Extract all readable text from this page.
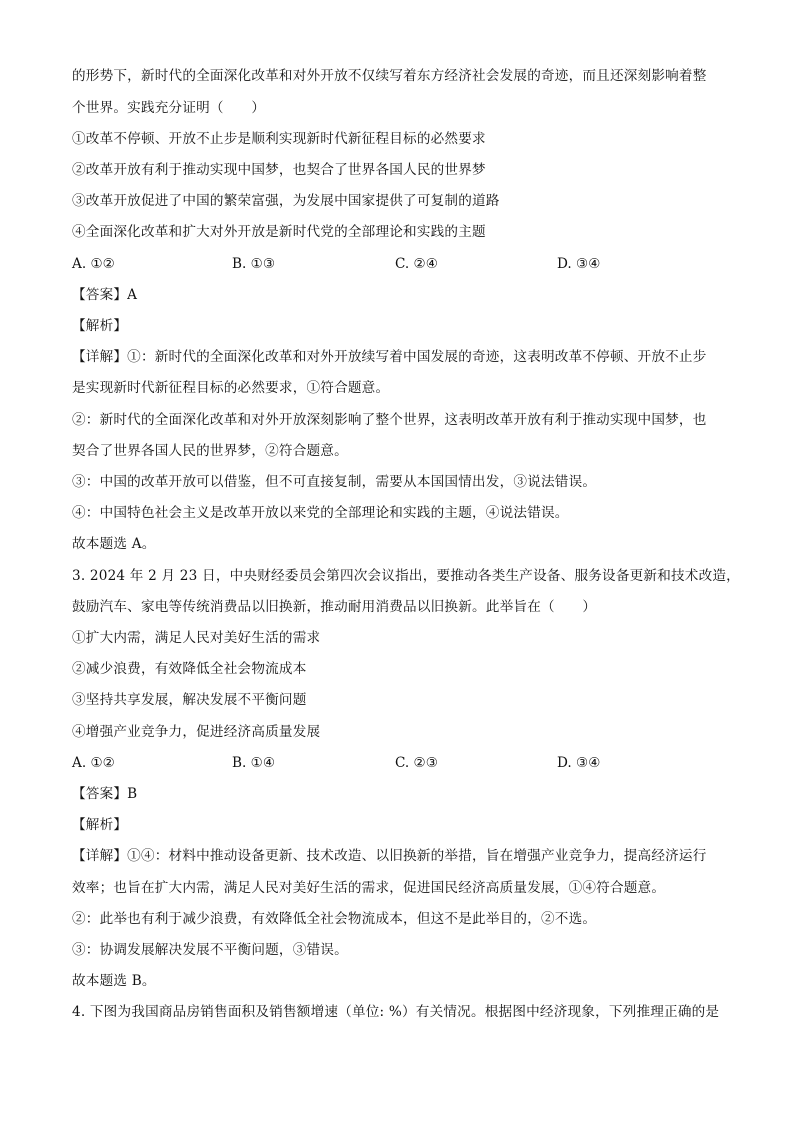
的形势下，新时代的全面深化改革和对外开放不仅续写着东方经济社会发展的奇迹，而且还深刻影响着整
个世界。实践充分证明（　　）
①改革不停顿、开放不止步是顺利实现新时代新征程目标的必然要求
②改革开放有利于推动实现中国梦，也契合了世界各国人民的世界梦
③改革开放促进了中国的繁荣富强，为发展中国家提供了可复制的道路
④全面深化改革和扩大对外开放是新时代党的全部理论和实践的主题
A. ①②	B. ①③	C. ②④	D. ③④
【答案】A
【解析】
【详解】①：新时代的全面深化改革和对外开放续写着中国发展的奇迹，这表明改革不停顿、开放不止步
是实现新时代新征程目标的必然要求，①符合题意。
②：新时代的全面深化改革和对外开放深刻影响了整个世界，这表明改革开放有利于推动实现中国梦，也
契合了世界各国人民的世界梦，②符合题意。
③：中国的改革开放可以借鉴，但不可直接复制，需要从本国国情出发，③说法错误。
④：中国特色社会主义是改革开放以来党的全部理论和实践的主题，④说法错误。
故本题选 A。
3. 2024 年 2 月 23 日，中央财经委员会第四次会议指出，要推动各类生产设备、服务设备更新和技术改造，
鼓励汽车、家电等传统消费品以旧换新，推动耐用消费品以旧换新。此举旨在（　　）
①扩大内需，满足人民对美好生活的需求
②减少浪费，有效降低全社会物流成本
③坚持共享发展，解决发展不平衡问题
④增强产业竞争力，促进经济高质量发展
A. ①②	B. ①④	C. ②③	D. ③④
【答案】B
【解析】
【详解】①④：材料中推动设备更新、技术改造、以旧换新的举措，旨在增强产业竞争力，提高经济运行
效率；也旨在扩大内需，满足人民对美好生活的需求，促进国民经济高质量发展，①④符合题意。
②：此举也有利于减少浪费，有效降低全社会物流成本，但这不是此举目的，②不选。
③：协调发展解决发展不平衡问题，③错误。
故本题选 B。
4. 下图为我国商品房销售面积及销售额增速（单位: %）有关情况。根据图中经济现象，下列推理正确的是
